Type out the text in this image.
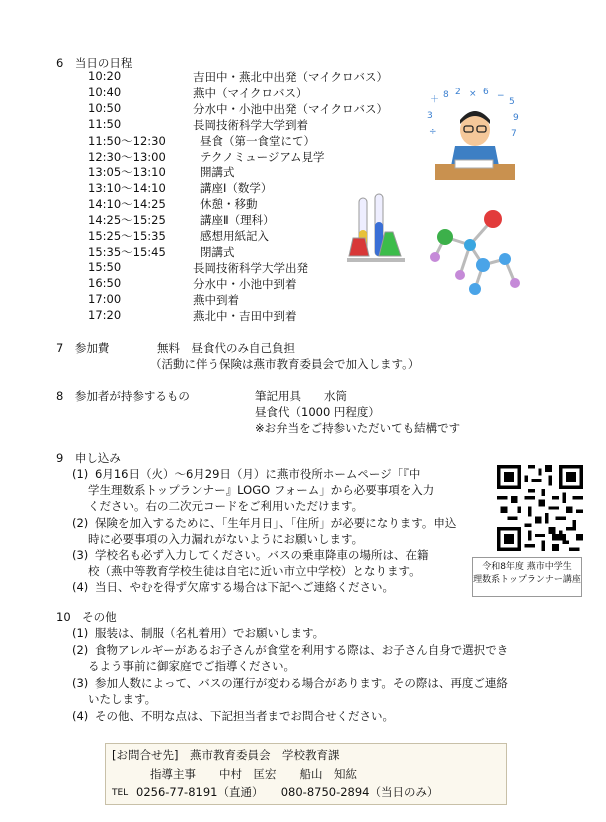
6　当日の日程
10:20	吉田中・燕北中出発（マイクロバス）
10:40	燕中（マイクロバス）
10:50	分水中・小池中出発（マイクロバス）
11:50	長岡技術科学大学到着
11:50～12:30	昼食（第一食堂にて）
12:30～13:00	テクノミュージアム見学
13:05～13:10	開講式
13:10～14:10	講座Ⅰ（数学）
14:10～14:25	休憩・移動
14:25～15:25	講座Ⅱ（理科）
15:25～15:35	感想用紙記入
15:35～15:45	閉講式
15:50	長岡技術科学大学出発
16:50	分水中・小池中到着
17:00	燕中到着
17:20	燕北中・吉田中到着
＋ 8 2 × 6 −
5
3	9
÷	7
7　参加費	無料　昼食代のみ自己負担
（活動に伴う保険は燕市教育委員会で加入します。）
8　参加者が持参するもの	筆記用具　　水筒
昼食代（1000 円程度）
※お弁当をご持参いただいても結構です
9　申し込み
(1) 6月16日（火）～6月29日（月）に燕市役所ホームページ「『中
学生理数系トップランナー』LOGO フォーム」から必要事項を入力
ください。右の二次元コードをご利用いただけます。
(2) 保険を加入するために、「生年月日」、「住所」が必要になります。申込
時に必要事項の入力漏れがないようにお願いします。
(3) 学校名も必ず入力してください。バスの乗車降車の場所は、在籍
校（燕中等教育学校生徒は自宅に近い市立中学校）となります。
(4) 当日、やむを得ず欠席する場合は下記へご連絡ください。
令和8年度 燕市中学生
理数系トップランナー講座
10　その他
(1) 服装は、制服（名札着用）でお願いします。
(2) 食物アレルギーがあるお子さんが食堂を利用する際は、お子さん自身で選択でき
るよう事前に御家庭でご指導ください。
(3) 参加人数によって、バスの運行が変わる場合があります。その際は、再度ご連絡
いたします。
(4) その他、不明な点は、下記担当者までお問合せください。
[お問合せ先]　燕市教育委員会　学校教育課
指導主事　　中村　匡宏　　船山　知紘
TEL 0256-77-8191（直通）　　080-8750-2894（当日のみ）
